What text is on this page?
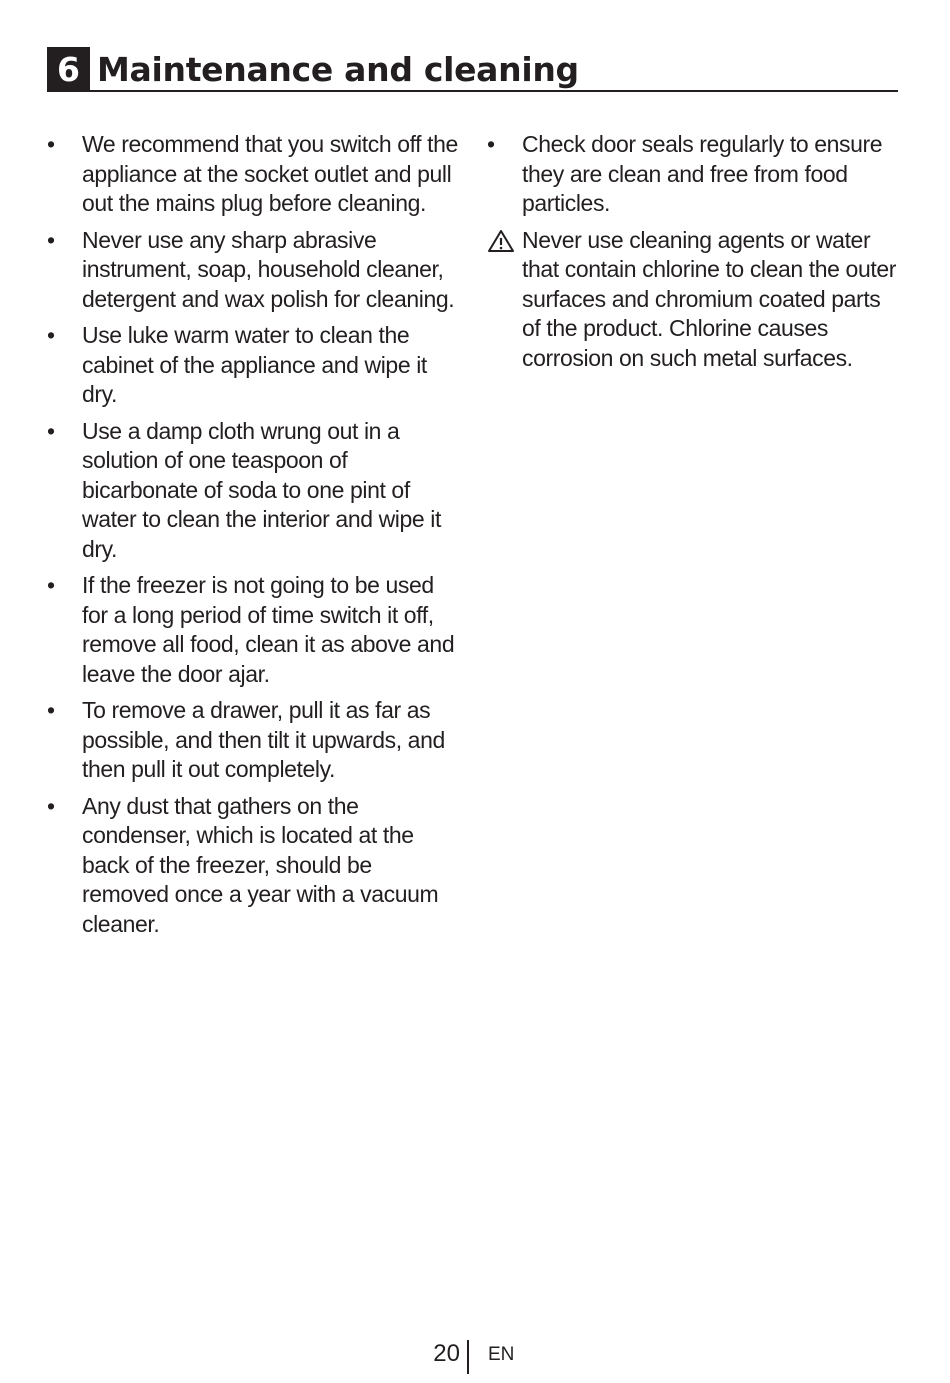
6 Maintenance and cleaning
• We recommend that you switch off the appliance at the socket outlet and pull out the mains plug before cleaning.
• Never use any sharp abrasive instrument, soap, household cleaner, detergent and wax polish for cleaning.
• Use luke warm water to clean the cabinet of the appliance and wipe it dry.
• Use a damp cloth wrung out in a solution of one teaspoon of bicarbonate of soda to one pint of water to clean the interior and wipe it dry.
• If the freezer is not going to be used for a long period of time switch it off, remove all food, clean it as above and leave the door ajar.
• To remove a drawer, pull it as far as possible, and then tilt it upwards, and then pull it out completely.
• Any dust that gathers on the condenser, which is located at the back of the freezer, should be removed once a year with a vacuum cleaner.
• Check door seals regularly to ensure they are clean and free from food particles.
Never use cleaning agents or water that contain chlorine to clean the outer surfaces and chromium coated parts of the product. Chlorine causes corrosion on such metal surfaces.
20 EN
